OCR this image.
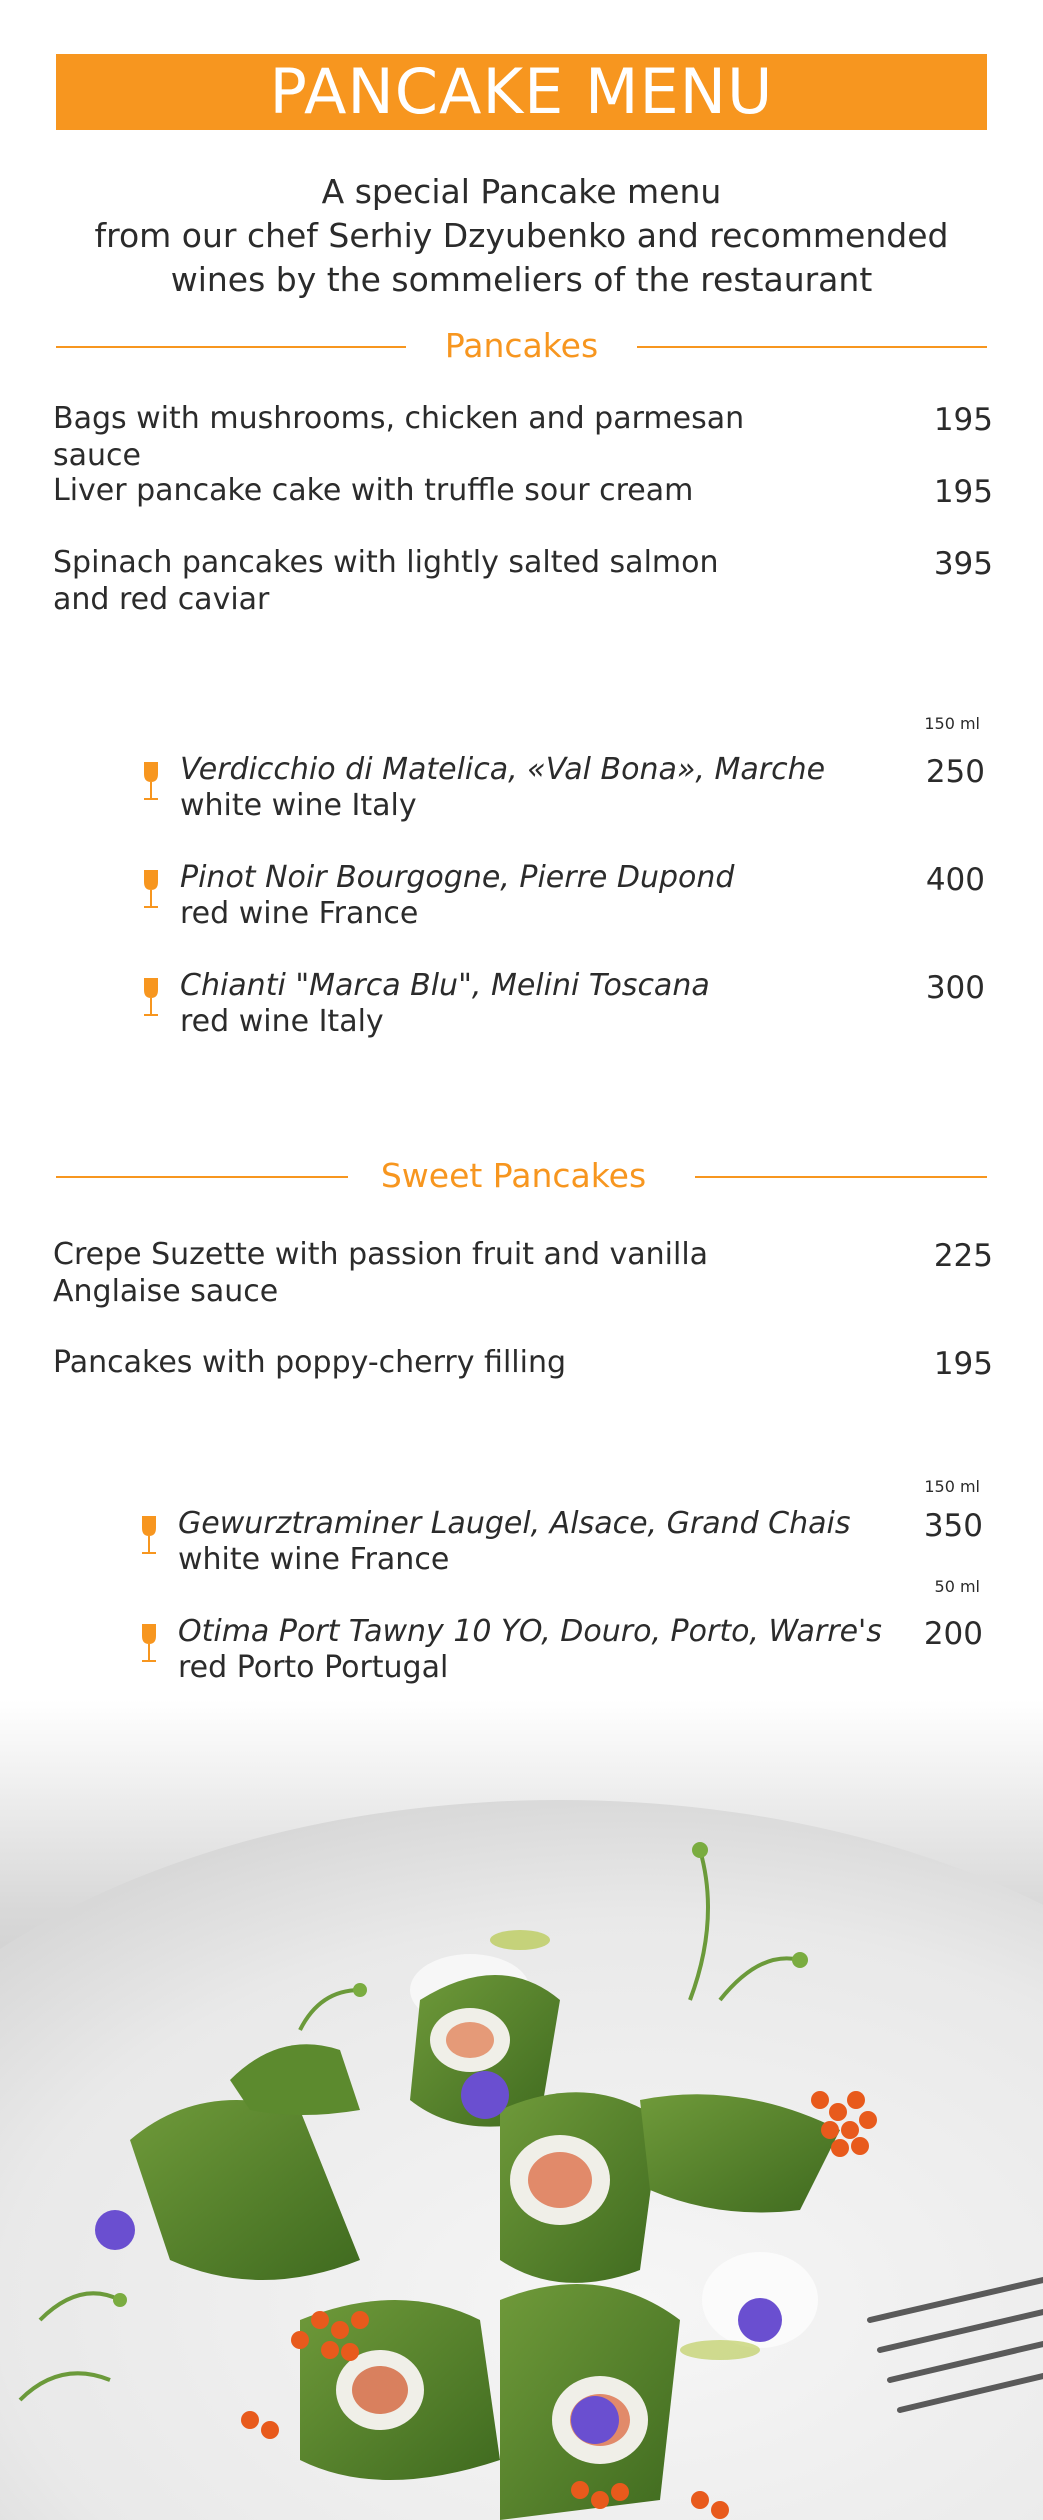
PANCAKE MENU
A special Pancake menu
from our chef Serhiy Dzyubenko and recommended
wines by the sommeliers of the restaurant
Pancakes
Bags with mushrooms, chicken and parmesan sauce
195
Liver pancake cake with truffle sour cream	195
Spinach pancakes with lightly salted salmon and red caviar
395
150 ml
Verdicchio di Matelica, «Val Bona», Marche
white wine Italy
250
Pinot Noir Bourgogne, Pierre Dupond
red wine France
400
Chianti "Marca Blu", Melini Toscana
red wine Italy
300
Sweet Pancakes
Crepe Suzette with passion fruit and vanilla Anglaise sauce
225
Pancakes with poppy-cherry filling	195
150 ml
Gewurztraminer Laugel, Alsace, Grand Chais
white wine France
350
50 ml
Otima Port Tawny 10 YO, Douro, Porto, Warre's
red Porto Portugal
200
